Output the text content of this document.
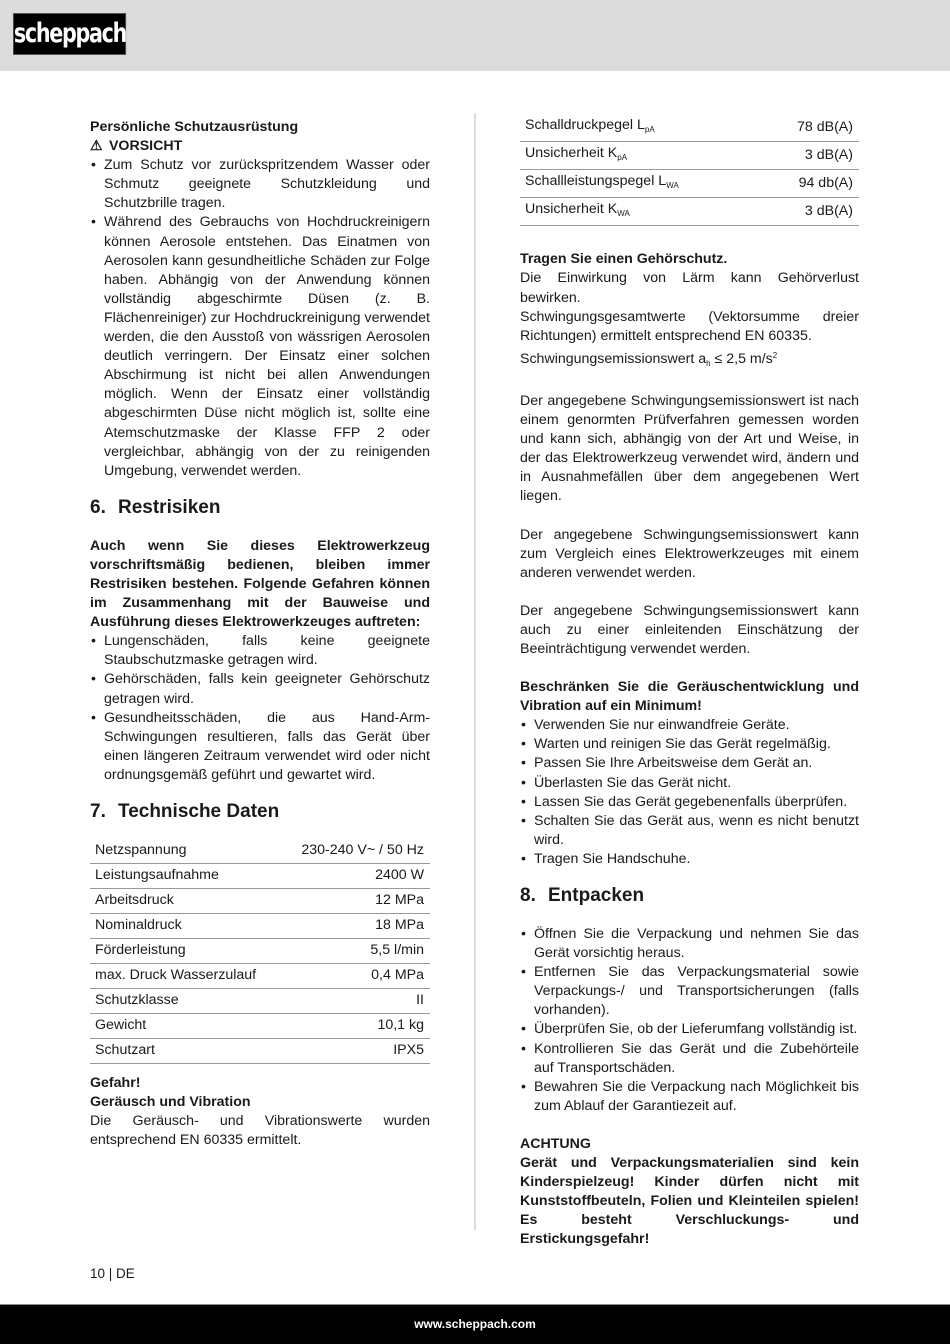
scheppach

Persönliche Schutzausrüstung

⚠ VORSICHT

• Zum Schutz vor zurückspritzendem Wasser oder Schmutz geeignete Schutzkleidung und Schutzbrille tragen.
• Während des Gebrauchs von Hochdruckreinigern können Aerosole entstehen. Das Einatmen von Aerosolen kann gesundheitliche Schäden zur Folge haben. Abhängig von der Anwendung können vollständig abgeschirmte Düsen (z. B. Flächenreiniger) zur Hochdruckreinigung verwendet werden, die den Ausstoß von wässrigen Aerosolen deutlich verringern. Der Einsatz einer solchen Abschirmung ist nicht bei allen Anwendungen möglich. Wenn der Einsatz einer vollständig abgeschirmten Düse nicht möglich ist, sollte eine Atemschutzmaske der Klasse FFP 2 oder vergleichbar, abhängig von der zu reinigenden Umgebung, verwendet werden.
6. Restrisiken

Auch wenn Sie dieses Elektrowerkzeug vorschriftsmäßig bedienen, bleiben immer Restrisiken bestehen. Folgende Gefahren können im Zusammenhang mit der Bauweise und Ausführung dieses Elektrowerkzeuges auftreten:

• Lungenschäden, falls keine geeignete Staubschutzmaske getragen wird.
• Gehörschäden, falls kein geeigneter Gehörschutz getragen wird.
• Gesundheitsschäden, die aus Hand-Arm- Schwingungen resultieren, falls das Gerät über einen längeren Zeitraum verwendet wird oder nicht ordnungsgemäß geführt und gewartet wird.
7. Technische Daten
Netzspannung	230-240 V~ / 50 Hz
Leistungsaufnahme	2400 W
Arbeitsdruck	12 MPa
Nominaldruck	18 MPa
Förderleistung	5,5 l/min
max. Druck Wasserzulauf	0,4 MPa
Schutzklasse	II
Gewicht	10,1 kg
Schutzart	IPX5

Gefahr!

Geräusch und Vibration

Die Geräusch- und Vibrationswerte wurden entsprechend EN 60335 ermittelt.

Schalldruckpegel $L_{pA}$	78 dB(A)
Unsicherheit $K_{pA}$	3 dB(A)
Schallleistungspegel $L_{WA}$	94 db(A)
Unsicherheit $K_{WA}$	3 dB(A)

Tragen Sie einen Gehörschutz.

Die Einwirkung von Lärm kann Gehörverlust bewirken.

Schwingungsgesamtwerte (Vektorsumme dreier Richtungen) ermittelt entsprechend EN 60335.

Schwingungsemissionswert $a_h \le 2,5$ $m/s^2$

Der angegebene Schwingungsemissionswert ist nach einem genormten Prüfverfahren gemessen worden und kann sich, abhängig von der Art und Weise, in der das Elektrowerkzeug verwendet wird, ändern und in Ausnahmefällen über dem angegebenen Wert liegen.

Der angegebene Schwingungsemissionswert kann zum Vergleich eines Elektrowerkzeuges mit einem anderen verwendet werden.

Der angegebene Schwingungsemissionswert kann auch zu einer einleitenden Einschätzung der Beeinträchtigung verwendet werden.

Beschränken Sie die Geräuschentwicklung und Vibration auf ein Minimum!

• Verwenden Sie nur einwandfreie Geräte.
• Warten und reinigen Sie das Gerät regelmäßig.
• Passen Sie Ihre Arbeitsweise dem Gerät an.
• Überlasten Sie das Gerät nicht.
• Lassen Sie das Gerät gegebenenfalls überprüfen.
• Schalten Sie das Gerät aus, wenn es nicht benutzt wird.
• Tragen Sie Handschuhe.
8. Entpacken
• Öffnen Sie die Verpackung und nehmen Sie das Gerät vorsichtig heraus.
• Entfernen Sie das Verpackungsmaterial sowie Verpackungs-/ und Transportsicherungen (falls vorhanden).
• Überprüfen Sie, ob der Lieferumfang vollständig ist.
• Kontrollieren Sie das Gerät und die Zubehörteile auf Transportschäden.
• Bewahren Sie die Verpackung nach Möglichkeit bis zum Ablauf der Garantiezeit auf.

ACHTUNG

Gerät und Verpackungsmaterialien sind kein Kinderspielzeug! Kinder dürfen nicht mit Kunststoffbeuteln, Folien und Kleinteilen spielen! Es besteht Verschluckungs- und Erstickungsgefahr!

10 | DE
www.scheppach.com
